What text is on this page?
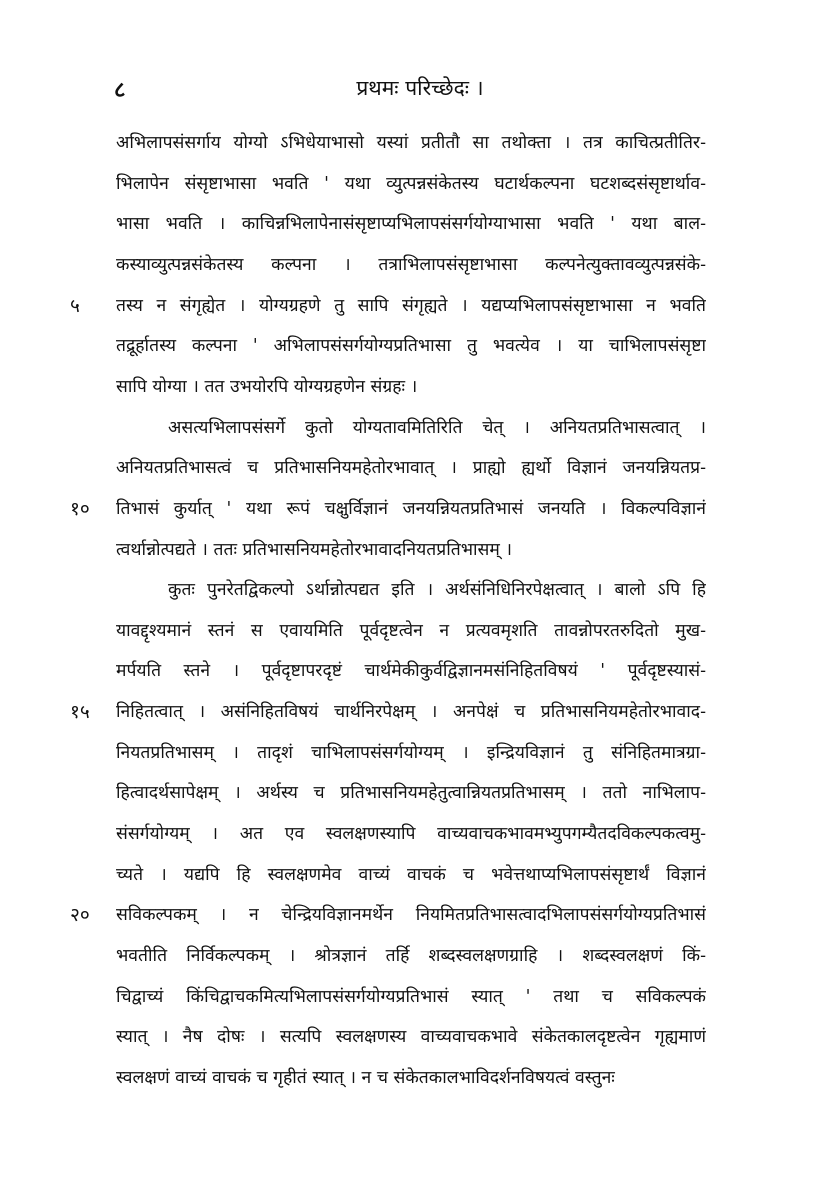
८	प्रथमः परिच्छेदः ।
अभिलापसंसर्गाय योग्यो ऽभिधेयाभासो यस्यां प्रतीतौ सा तथोक्ता । तत्र काचित्प्रतीतिर-
भिलापेन संसृष्टाभासा भवति ' यथा व्युत्पन्नसंकेतस्य घटार्थकल्पना घटशब्दसंसृष्टार्थाव-
भासा भवति । काचिन्नभिलापेनासंसृष्टाप्यभिलापसंसर्गयोग्याभासा भवति ' यथा बाल-
कस्याव्युत्पन्नसंकेतस्य कल्पना । तत्राभिलापसंसृष्टाभासा कल्पनेत्युक्तावव्युत्पन्नसंके-
५	तस्य न संगृह्येत । योग्यग्रहणे तु सापि संगृह्यते । यद्यप्यभिलापसंसृष्टाभासा न भवति
तद्रूर्हातस्य कल्पना ' अभिलापसंसर्गयोग्यप्रतिभासा तु भवत्येव । या चाभिलापसंसृष्टा
सापि योग्या । तत उभयोरपि योग्यग्रहणेन संग्रहः ।
असत्यभिलापसंसर्गे कुतो योग्यतावमितिरिति चेत् । अनियतप्रतिभासत्वात् ।
अनियतप्रतिभासत्वं च प्रतिभासनियमहेतोरभावात् । प्राह्यो ह्यर्थो विज्ञानं जनयन्नियतप्र-
१०	तिभासं कुर्यात् ' यथा रूपं चक्षुर्विज्ञानं जनयन्नियतप्रतिभासं जनयति । विकल्पविज्ञानं
त्वर्थान्नोत्पद्यते । ततः प्रतिभासनियमहेतोरभावादनियतप्रतिभासम् ।
कुतः पुनरेतद्विकल्पो ऽर्थान्नोत्पद्यत इति । अर्थसंनिधिनिरपेक्षत्वात् । बालो ऽपि हि
यावद्दृश्यमानं स्तनं स एवायमिति पूर्वदृष्टत्वेन न प्रत्यवमृशति तावन्नोपरतरुदितो मुख-
मर्पयति स्तने । पूर्वदृष्टापरदृष्टं चार्थमेकीकुर्वद्विज्ञानमसंनिहितविषयं ' पूर्वदृष्टस्यासं-
१५	निहितत्वात् । असंनिहितविषयं चार्थनिरपेक्षम् । अनपेक्षं च प्रतिभासनियमहेतोरभावाद-
नियतप्रतिभासम् । तादृशं चाभिलापसंसर्गयोग्यम् । इन्द्रियविज्ञानं तु संनिहितमात्रग्रा-
हित्वादर्थसापेक्षम् । अर्थस्य च प्रतिभासनियमहेतुत्वान्नियतप्रतिभासम् । ततो नाभिलाप-
संसर्गयोग्यम् । अत एव स्वलक्षणस्यापि वाच्यवाचकभावमभ्युपगम्यैतदविकल्पकत्वमु-
च्यते । यद्यपि हि स्वलक्षणमेव वाच्यं वाचकं च भवेत्तथाप्यभिलापसंसृष्टार्थं विज्ञानं
२०	सविकल्पकम् । न चेन्द्रियविज्ञानमर्थेन नियमितप्रतिभासत्वादभिलापसंसर्गयोग्यप्रतिभासं
भवतीति निर्विकल्पकम् । श्रोत्रज्ञानं तर्हि शब्दस्वलक्षणग्राहि । शब्दस्वलक्षणं किं-
चिद्वाच्यं किंचिद्वाचकमित्यभिलापसंसर्गयोग्यप्रतिभासं स्यात् ' तथा च सविकल्पकं
स्यात् । नैष दोषः । सत्यपि स्वलक्षणस्य वाच्यवाचकभावे संकेतकालदृष्टत्वेन गृह्यमाणं
स्वलक्षणं वाच्यं वाचकं च गृहीतं स्यात् । न च संकेतकालभाविदर्शनविषयत्वं वस्तुनः
